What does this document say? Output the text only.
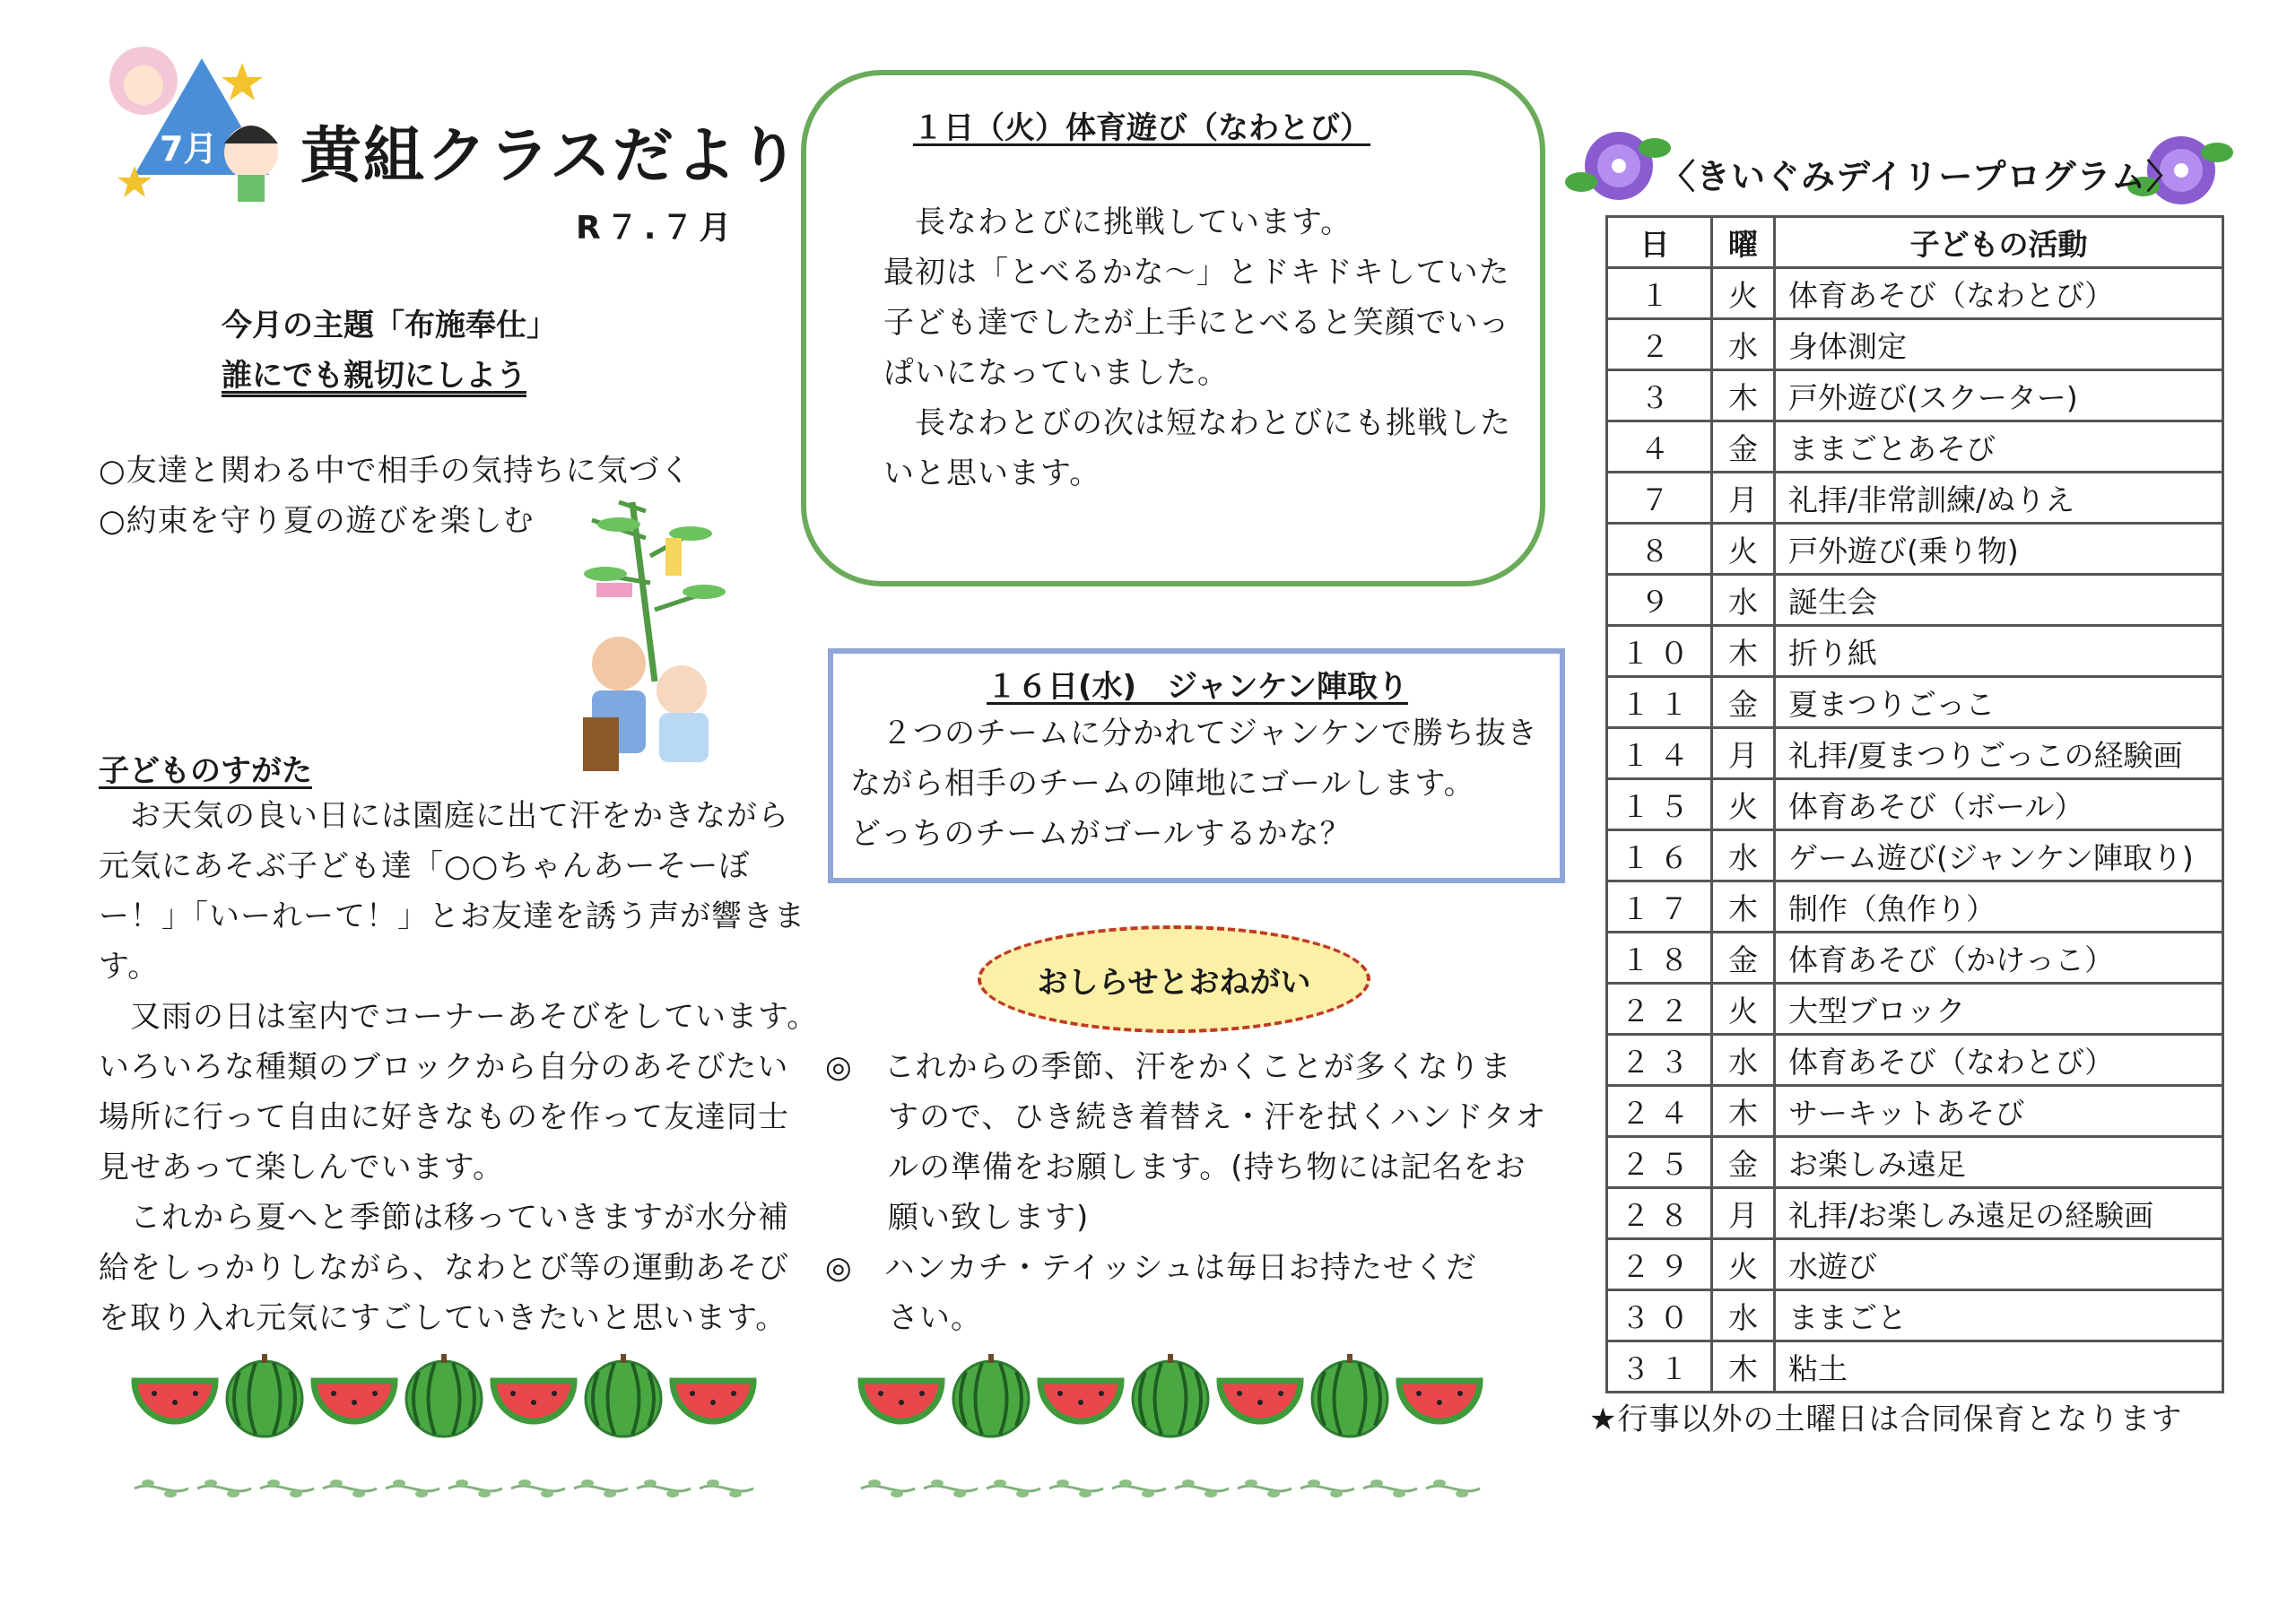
7月 黄組クラスだより
R７.７月
今月の主題「布施奉仕」
誰にでも親切にしよう

○友達と関わる中で相手の気持ちに気づく

○約束を守り夏の遊びを楽しむ

子どものすがた

　お天気の良い日には園庭に出て汗をかきながら

元気にあそぶ子ども達「○○ちゃんあーそーぼ

ー！」「いーれーて！」とお友達を誘う声が響きま

す。

　又雨の日は室内でコーナーあそびをしています。

いろいろな種類のブロックから自分のあそびたい

場所に行って自由に好きなものを作って友達同士

見せあって楽しんでいます。

　これから夏へと季節は移っていきますが水分補

給をしっかりしながら、なわとび等の運動あそび

を取り入れ元気にすごしていきたいと思います。

１日（火）体育遊び（なわとび）

　長なわとびに挑戦しています。

最初は「とべるかな～」とドキドキしていた

子ども達でしたが上手にとべると笑顔でいっ

ぱいになっていました。

　長なわとびの次は短なわとびにも挑戦した

いと思います。

１６日(水)　ジャンケン陣取り

　２つのチームに分かれてジャンケンで勝ち抜き

ながら相手のチームの陣地にゴールします。

どっちのチームがゴールするかな？

おしらせとおねがい

◎　これからの季節、汗をかくことが多くなりま

　　すので、ひき続き着替え・汗を拭くハンドタオ

　　ルの準備をお願します。(持ち物には記名をお

　　願い致します)

◎　ハンカチ・テイッシュは毎日お持たせくだ

　　さい。

〈きいぐみデイリープログラム〉
日	曜	子どもの活動
１	火	体育あそび（なわとび）
２	水	身体測定
３	木	戸外遊び(スクーター)
４	金	ままごとあそび
７	月	礼拝/非常訓練/ぬりえ
８	火	戸外遊び(乗り物)
９	水	誕生会
１０	木	折り紙
１１	金	夏まつりごっこ
１４	月	礼拝/夏まつりごっこの経験画
１５	火	体育あそび（ボール）
１６	水	ゲーム遊び(ジャンケン陣取り)
１７	木	制作（魚作り）
１８	金	体育あそび（かけっこ）
２２	火	大型ブロック
２３	水	体育あそび（なわとび）
２４	木	サーキットあそび
２５	金	お楽しみ遠足
２８	月	礼拝/お楽しみ遠足の経験画
２９	火	水遊び
３０	水	ままごと
３１	木	粘土
★行事以外の土曜日は合同保育となります
